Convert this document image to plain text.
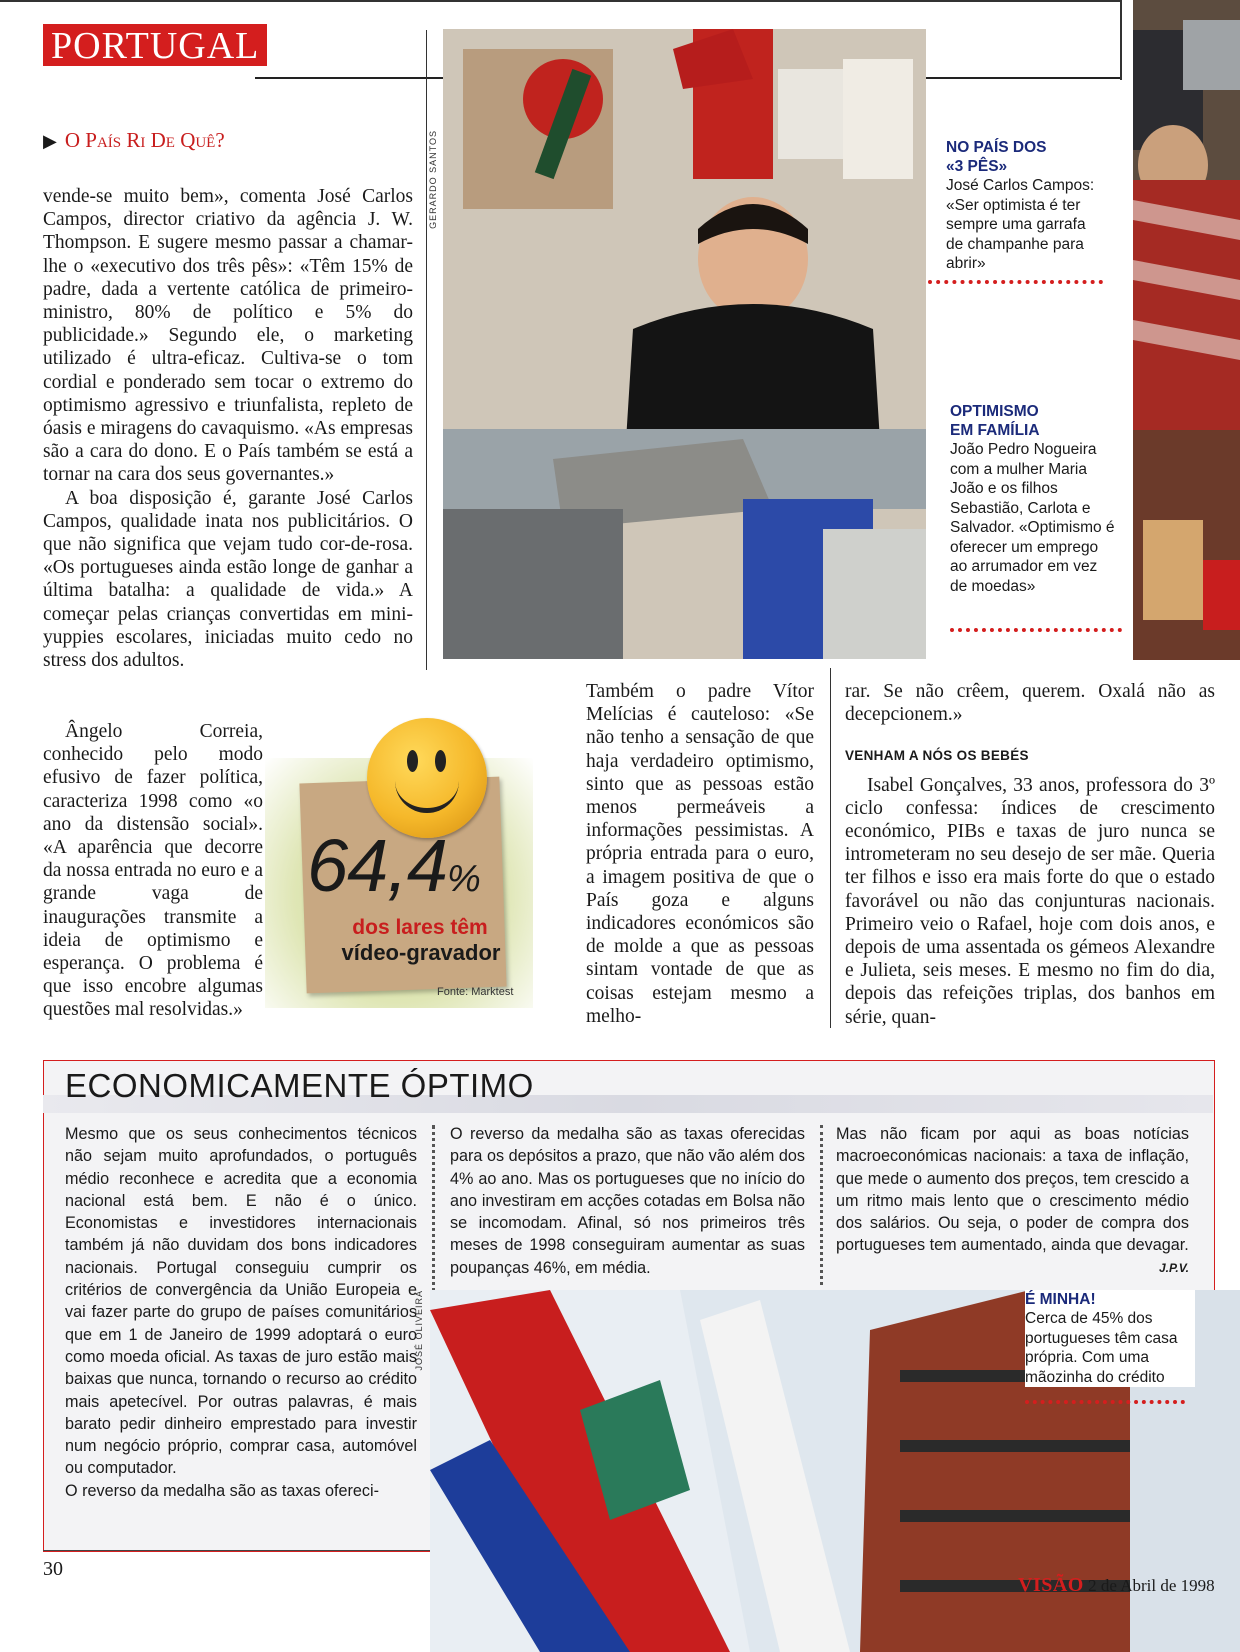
PORTUGAL
▶ O País Ri De Quê?

vende-se muito bem», comenta José Carlos Campos, director criativo da agência J. W. Thompson. E sugere mesmo passar a chamar-lhe o «executivo dos três pês»: «Têm 15% de padre, dada a vertente católica de primeiro-ministro, 80% de político e 5% do publicidade.» Segundo ele, o marketing utilizado é ultra-eficaz. Cultiva-se o tom cordial e ponderado sem tocar o extremo do optimismo agressivo e triunfalista, repleto de óasis e miragens do cavaquismo. «As empresas são a cara do dono. E o País também se está a tornar na cara dos seus governantes.»

A boa disposição é, garante José Carlos Campos, qualidade inata nos publicitários. O que não significa que vejam tudo cor-de-rosa. «Os portugueses ainda estão longe de ganhar a última batalha: a qualidade de vida.» A começar pelas crianças convertidas em mini-yuppies escolares, iniciadas muito cedo no stress dos adultos.

Ângelo Correia, conhecido pelo modo efusivo de fazer política, caracteriza 1998 como «o ano da distensão social». «A aparência que decorre da nossa entrada no euro e a grande vaga de inaugurações transmite a ideia de optimismo e esperança. O problema é que isso encobre algumas questões mal resolvidas.»

GERARDO SANTOS	NO PAÍS DOS
«3 PÊS»
José Carlos Campos: «Ser optimista é ter sempre uma garrafa de champanhe para abrir»
OPTIMISMO
EM FAMÍLIA
João Pedro Nogueira com a mulher Maria João e os filhos Sebastião, Carlota e Salvador. «Optimismo é oferecer um emprego ao arrumador em vez de moedas»
64,4%
dos lares têm
vídeo-gravador
Fonte: Marktest

Também o padre Vítor Melícias é cauteloso: «Se não tenho a sensação de que haja verdadeiro optimismo, sinto que as pessoas estão menos permeáveis a informações pessimistas. A própria entrada para o euro, a imagem positiva de que o País goza e alguns indicadores económicos são de molde a que as pessoas sintam vontade de que as coisas estejam mesmo a melho-

rar. Se não crêem, querem. Oxalá não as decepcionem.»

VENHAM A NÓS OS BEBÉS

Isabel Gonçalves, 33 anos, professora do 3º ciclo confessa: índices de crescimento económico, PIBs e taxas de juro nunca se intrometeram no seu desejo de ser mãe. Queria ter filhos e isso era mais forte do que o estado favorável ou não das conjunturas nacionais. Primeiro veio o Rafael, hoje com dois anos, e depois de uma assentada os gémeos Alexandre e Julieta, seis meses. E mesmo no fim do dia, depois das refeições triplas, dos banhos em série, quan-

ECONOMICAMENTE ÓPTIMO

Mesmo que os seus conhecimentos técnicos não sejam muito aprofundados, o português médio reconhece e acredita que a economia nacional está bem. E não é o único. Economistas e investidores internacionais também já não duvidam dos bons indicadores nacionais. Portugal conseguiu cumprir os critérios de convergência da União Europeia e vai fazer parte do grupo de países comunitários que em 1 de Janeiro de 1999 adoptará o euro como moeda oficial. As taxas de juro estão mais baixas que nunca, tornando o recurso ao crédito mais apetecível. Por outras palavras, é mais barato pedir dinheiro emprestado para investir num negócio próprio, comprar casa, automóvel ou computador.

O reverso da medalha são as taxas ofereci-

O reverso da medalha são as taxas oferecidas para os depósitos a prazo, que não vão além dos 4% ao ano. Mas os portugueses que no início do ano investiram em acções cotadas em Bolsa não se incomodam. Afinal, só nos primeiros três meses de 1998 conseguiram aumentar as suas poupanças 46%, em média.

Mas não ficam por aqui as boas notícias macroeconómicas nacionais: a taxa de inflação, que mede o aumento dos preços, tem crescido a um ritmo mais lento que o crescimento médio dos salários. Ou seja, o poder de compra dos portugueses tem aumentado, ainda que devagar.

J.P.V.
JOSÉ OLIVEIRA	É MINHA!
Cerca de 45% dos portugueses têm casa própria. Com uma mãozinha do crédito
30
VISÃO 2 de Abril de 1998
